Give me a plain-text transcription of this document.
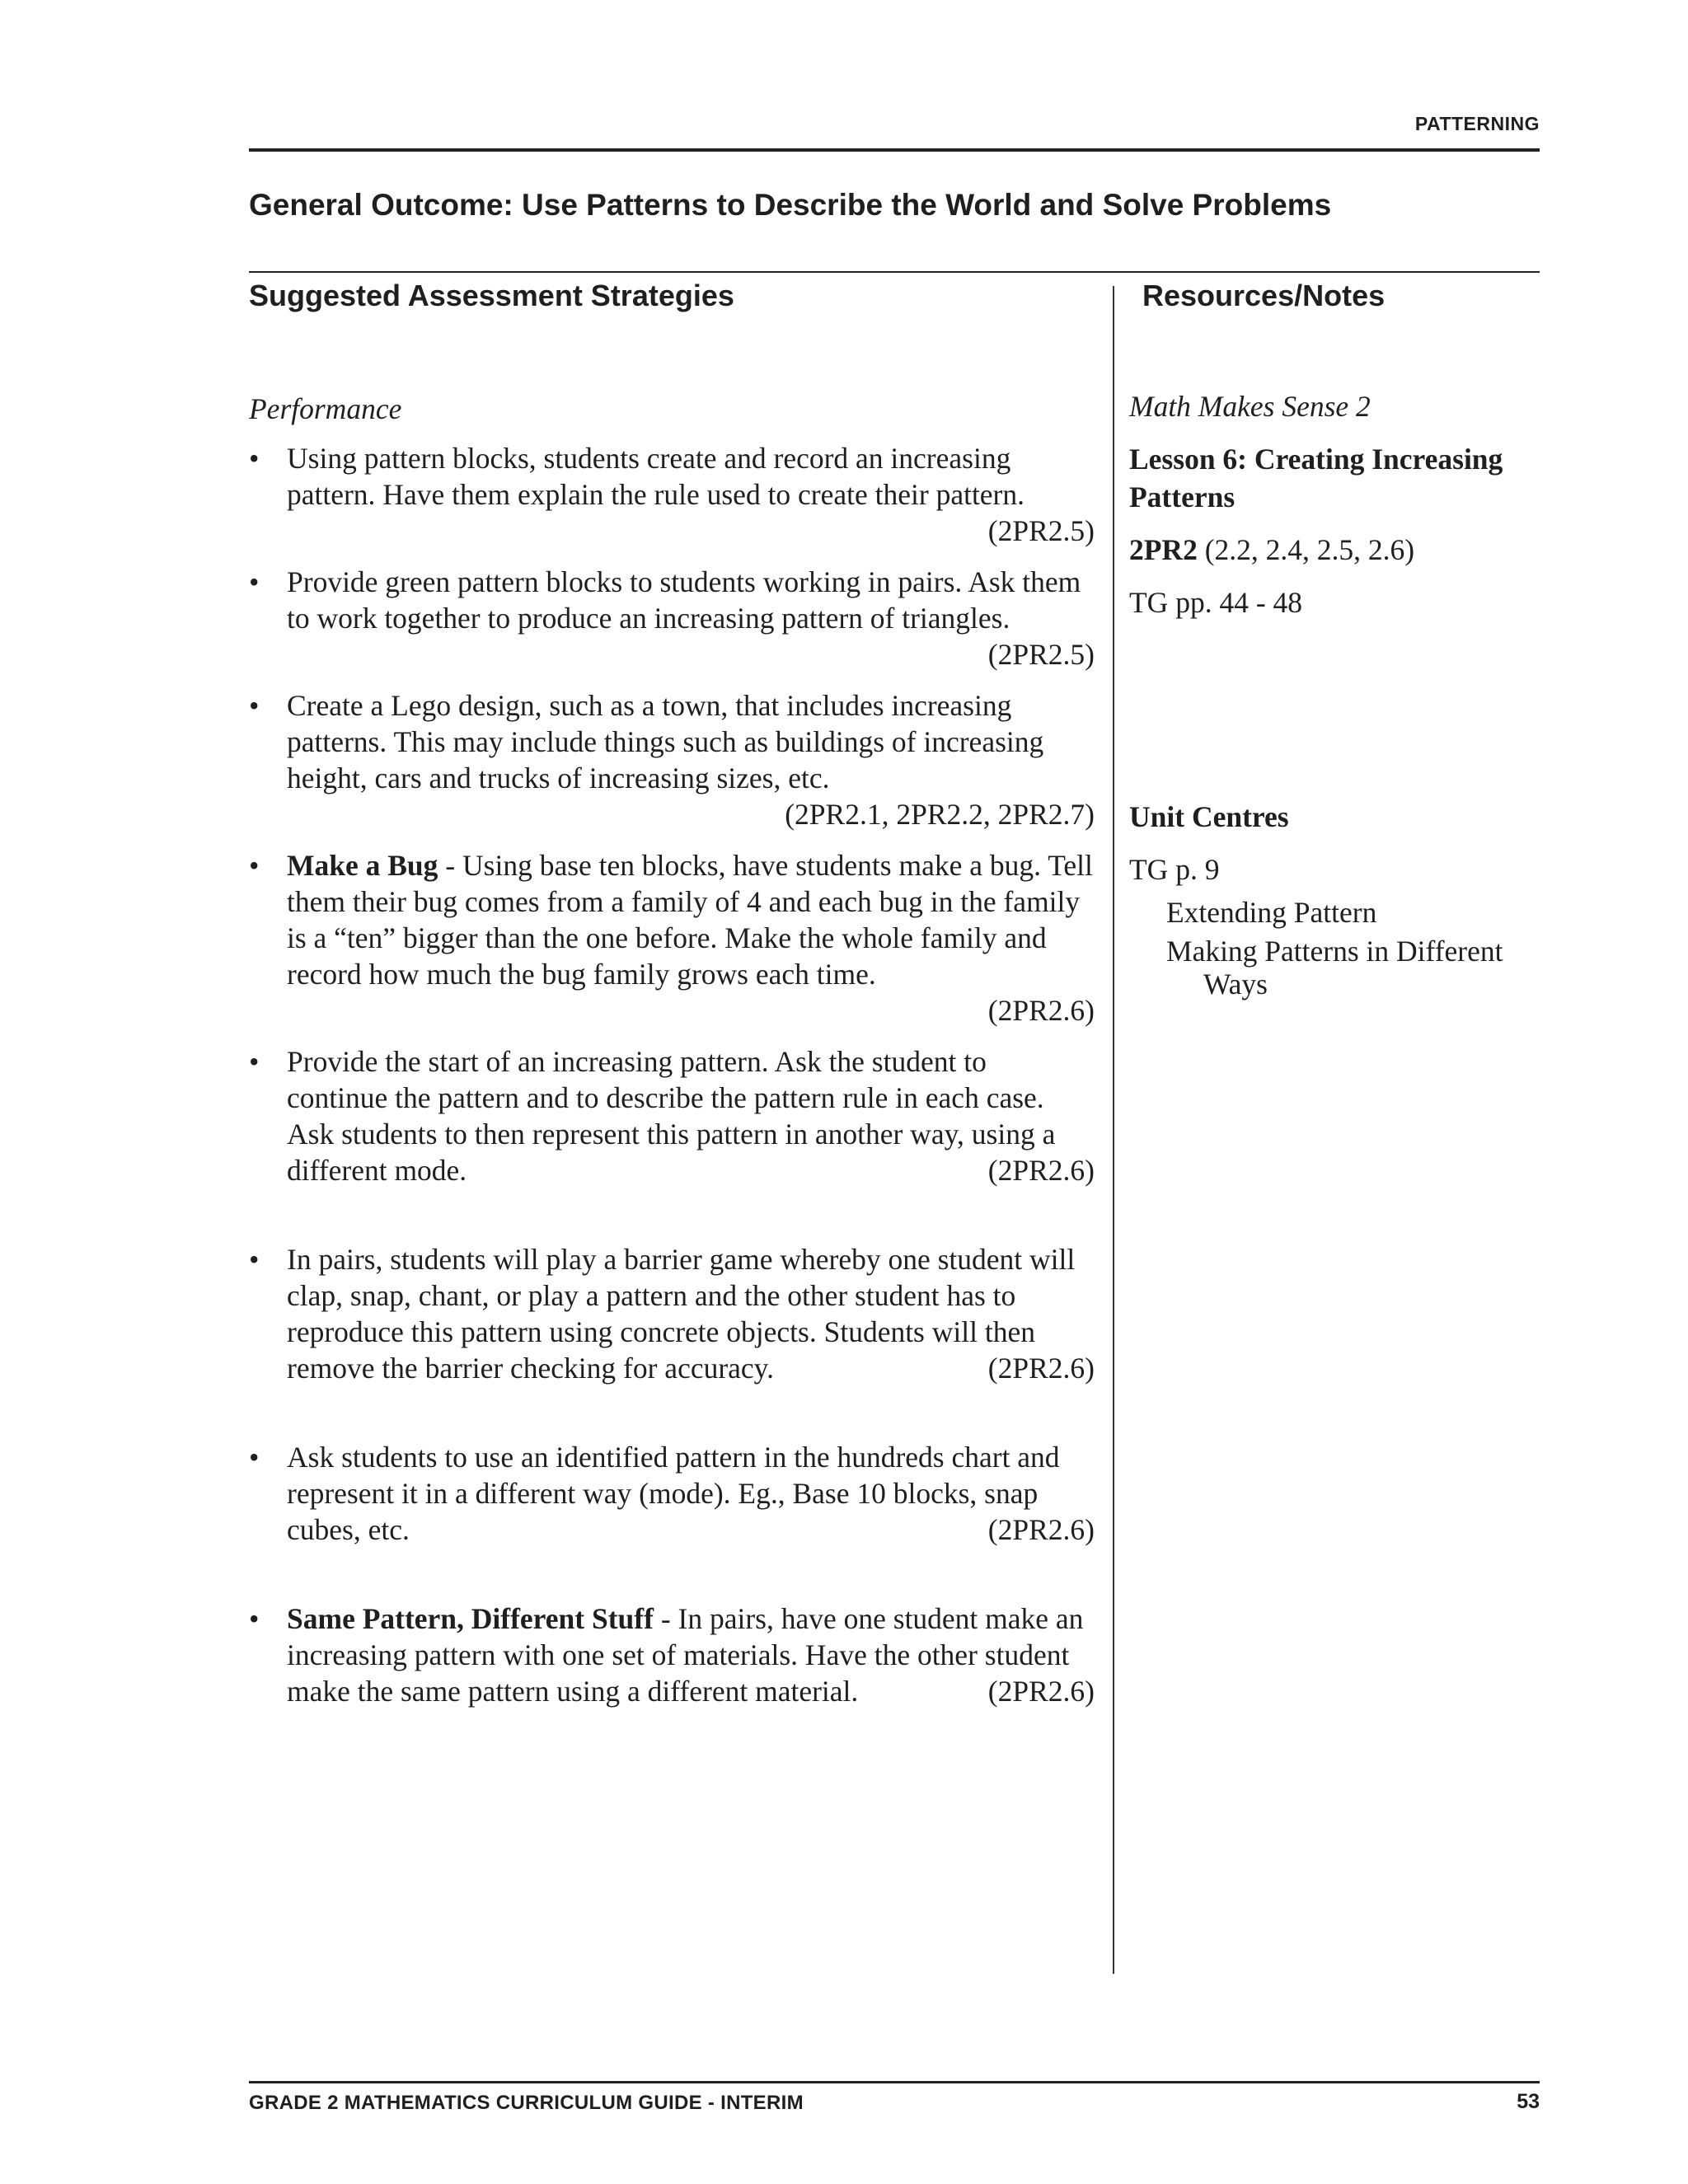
PATTERNING
General Outcome: Use Patterns to Describe the World and Solve Problems
Suggested Assessment Strategies	Resources/Notes

Performance

• Using pattern blocks, students create and record an increasing
pattern. Have them explain the rule used to create their pattern.
(2PR2.5)
• Provide green pattern blocks to students working in pairs. Ask them
to work together to produce an increasing pattern of triangles.
(2PR2.5)
• Create a Lego design, such as a town, that includes increasing
patterns. This may include things such as buildings of increasing
height, cars and trucks of increasing sizes, etc.
(2PR2.1, 2PR2.2, 2PR2.7)
• Make a Bug - Using base ten blocks, have students make a bug. Tell
them their bug comes from a family of 4 and each bug in the family
is a “ten” bigger than the one before. Make the whole family and
record how much the bug family grows each time.
(2PR2.6)
• Provide the start of an increasing pattern. Ask the student to
continue the pattern and to describe the pattern rule in each case.
Ask students to then represent this pattern in another way, using a
different mode.	(2PR2.6)
• In pairs, students will play a barrier game whereby one student will
clap, snap, chant, or play a pattern and the other student has to
reproduce this pattern using concrete objects. Students will then
remove the barrier checking for accuracy.	(2PR2.6)
• Ask students to use an identified pattern in the hundreds chart and
represent it in a different way (mode). Eg., Base 10 blocks, snap
cubes, etc.	(2PR2.6)
• Same Pattern, Different Stuff - In pairs, have one student make an
increasing pattern with one set of materials. Have the other student
make the same pattern using a different material.	(2PR2.6)

Math Makes Sense 2

Lesson 6: Creating Increasing
Patterns

2PR2 (2.2, 2.4, 2.5, 2.6)

TG pp. 44 - 48

Unit Centres

TG p. 9

Extending Pattern

Making Patterns in Different
Ways

GRADE 2 MATHEMATICS CURRICULUM GUIDE - INTERIM	53
